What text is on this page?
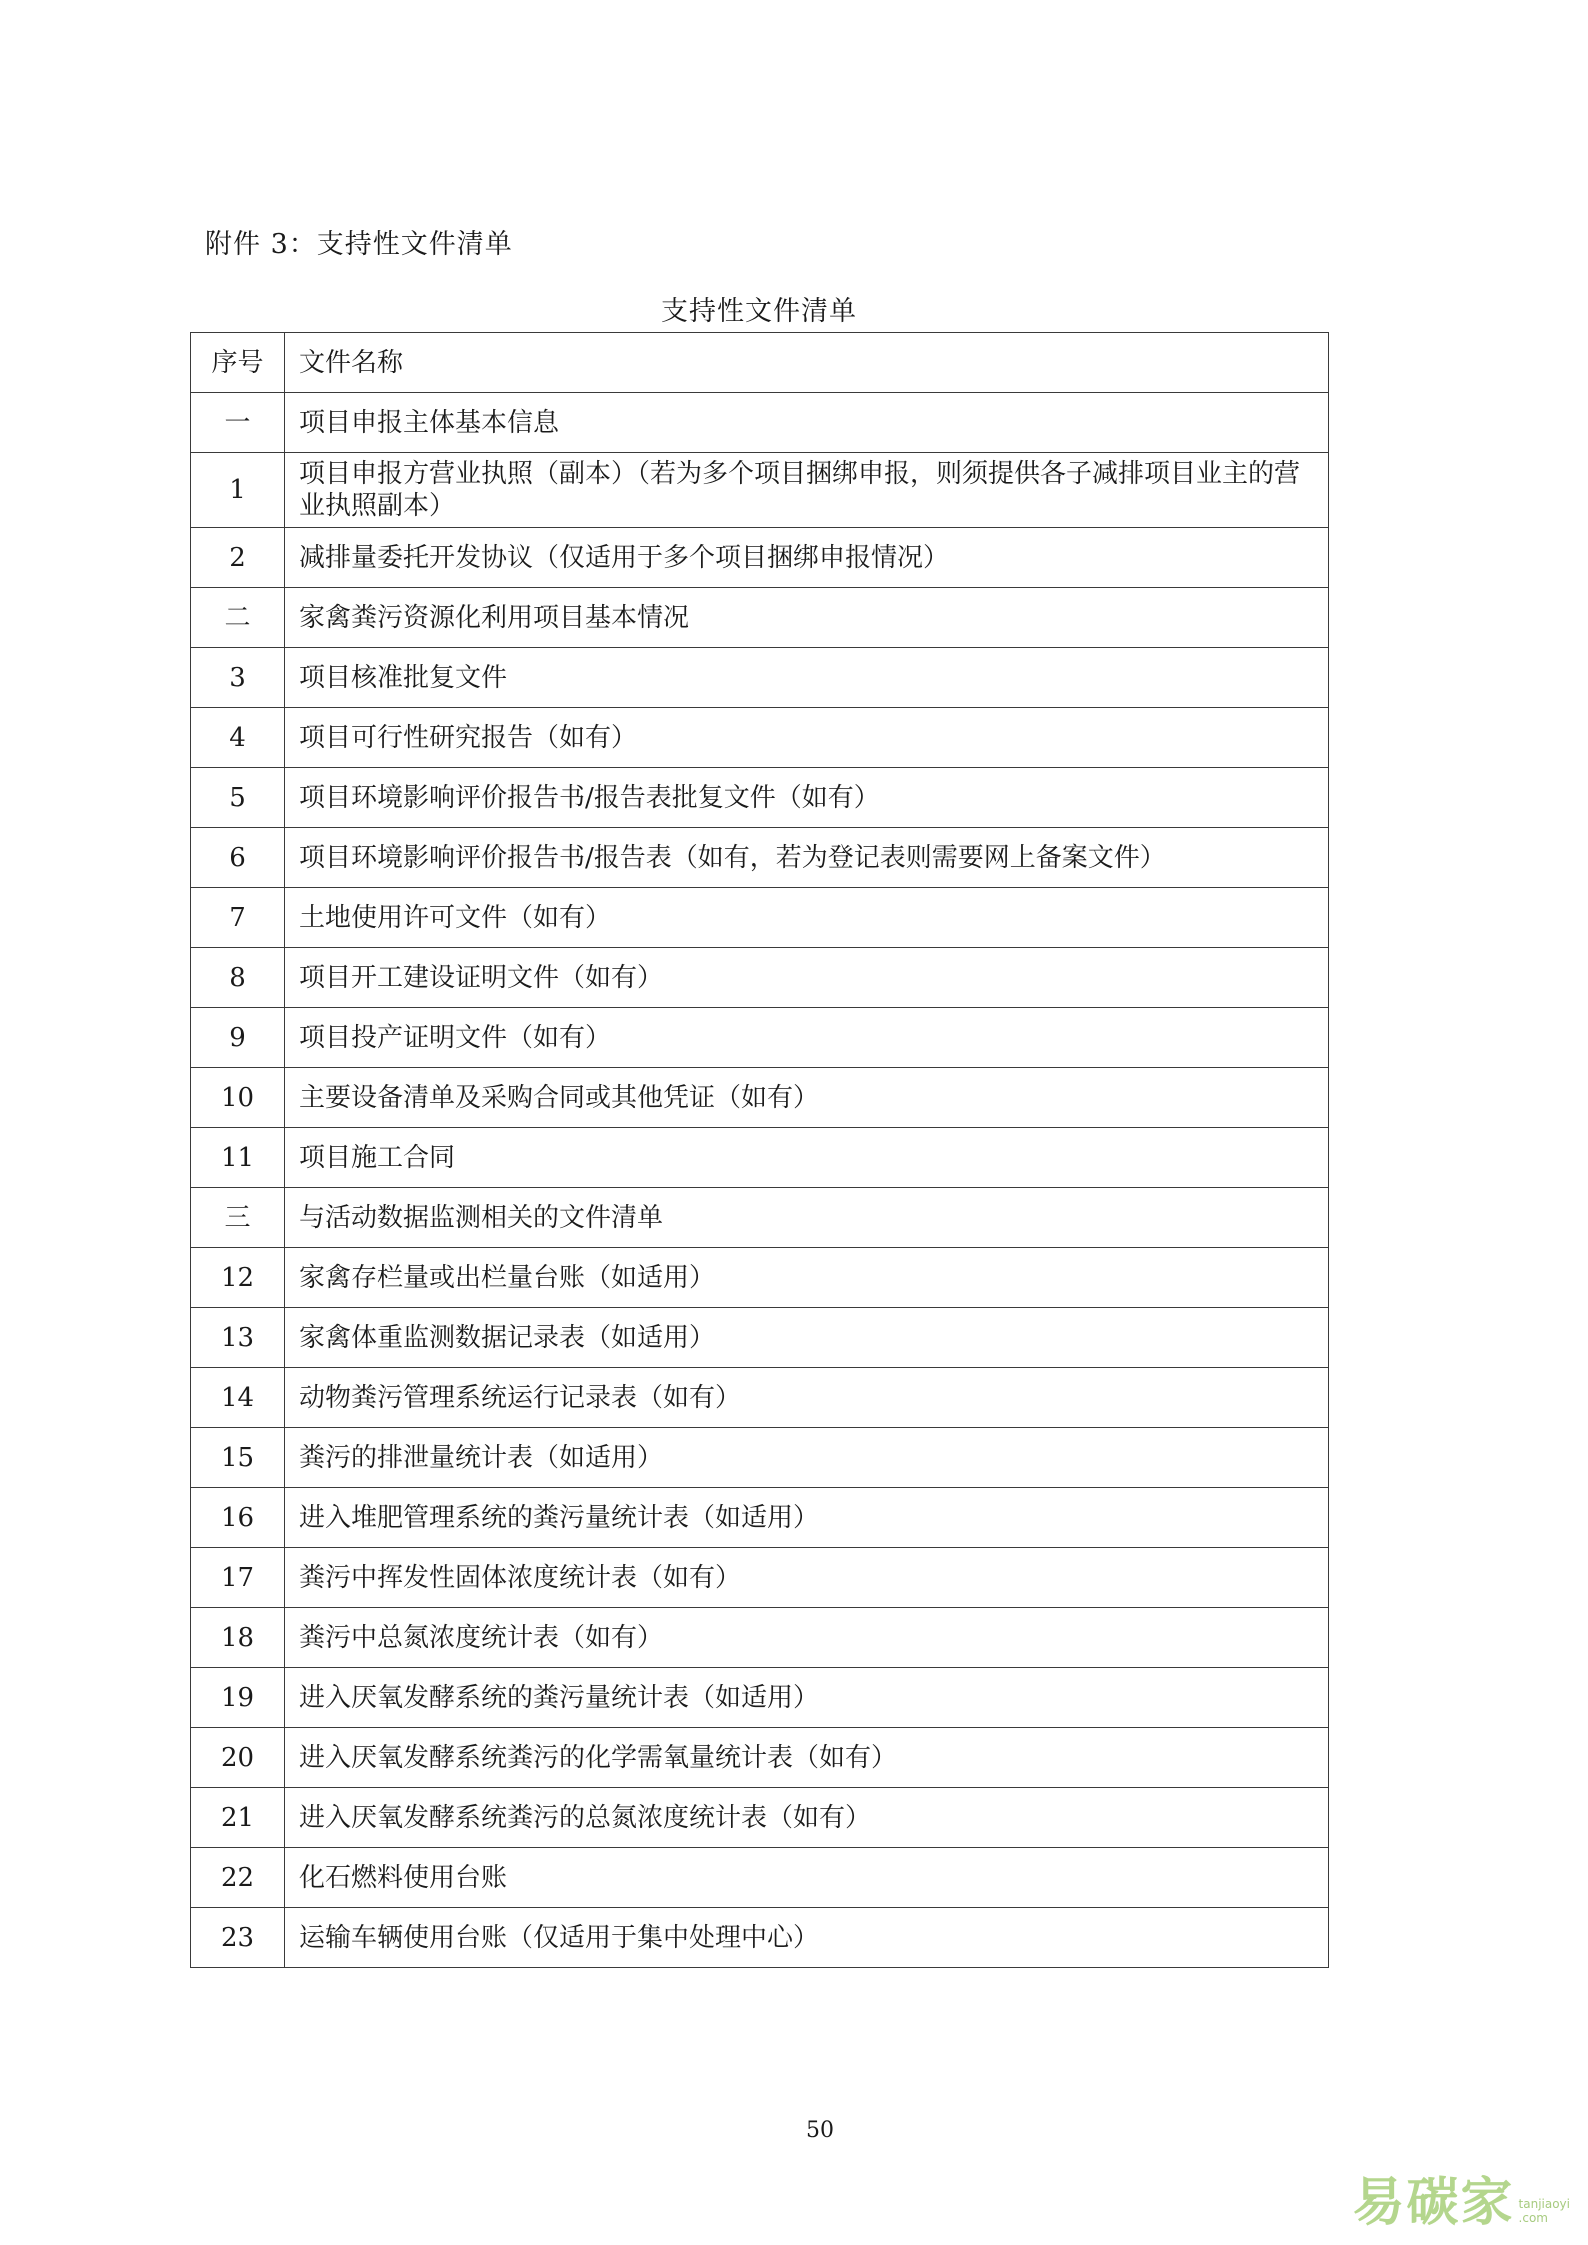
附件 3：支持性文件清单
支持性文件清单
序号	文件名称
一	项目申报主体基本信息
1	项目申报方营业执照（副本）（若为多个项目捆绑申报，则须提供各子减排项目业主的营业执照副本）
2	减排量委托开发协议（仅适用于多个项目捆绑申报情况）
二	家禽粪污资源化利用项目基本情况
3	项目核准批复文件
4	项目可行性研究报告（如有）
5	项目环境影响评价报告书/报告表批复文件（如有）
6	项目环境影响评价报告书/报告表（如有，若为登记表则需要网上备案文件）
7	土地使用许可文件（如有）
8	项目开工建设证明文件（如有）
9	项目投产证明文件（如有）
10	主要设备清单及采购合同或其他凭证（如有）
11	项目施工合同
三	与活动数据监测相关的文件清单
12	家禽存栏量或出栏量台账（如适用）
13	家禽体重监测数据记录表（如适用）
14	动物粪污管理系统运行记录表（如有）
15	粪污的排泄量统计表（如适用）
16	进入堆肥管理系统的粪污量统计表（如适用）
17	粪污中挥发性固体浓度统计表（如有）
18	粪污中总氮浓度统计表（如有）
19	进入厌氧发酵系统的粪污量统计表（如适用）
20	进入厌氧发酵系统粪污的化学需氧量统计表（如有）
21	进入厌氧发酵系统粪污的总氮浓度统计表（如有）
22	化石燃料使用台账
23	运输车辆使用台账（仅适用于集中处理中心）
50
易碳家 tanjiaoyi
.com
